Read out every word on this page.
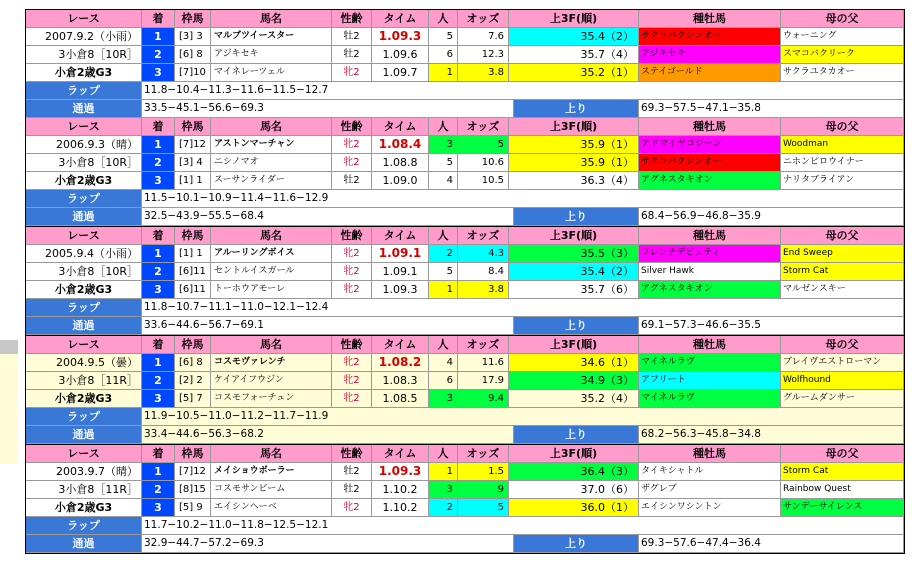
レース	着	枠馬	馬名	性齢	タイム	人	オッズ	上3F(順)	種牡馬	母の父
2007.9.2（小雨）	1	[3] 3	マルブツイースター	牡2	1.09.3	5	7.6	35.4（2） サクラバクシンオー	ウォーニング
3小倉8［10R］	2	[6] 8	アジキセキ	牡2	1.09.6	6	12.3	35.7（4） アジキセキ	スマコバクリーク
小倉2歳G3	3	[7]10 マイネレーツェル	牝2	1.09.7	1	3.8	35.2（1） ステイゴールド	サクラユタカオー
ラップ	11.8−10.4−11.3−11.6−11.5−12.7
通過	33.5−45.1−56.6−69.3	上り	69.3−57.5−47.1−35.8
レース	着	枠馬	馬名	性齢	タイム	人	オッズ	上3F(順)	種牡馬	母の父
2006.9.3（晴）	1	[7]12 アストンマーチャン	牝2	1.08.4	3	5	35.9（1） アドマイヤコジーン	Woodman
3小倉8［10R］	2	[3] 4	ニシノマオ	牝2	1.08.8	5	10.6	35.9（1） サクラバクシンオー	ニホンピロウイナー
小倉2歳G3	3	[1] 1	スーサンライダー	牡2	1.09.0	4	10.5	36.3（4） アグネスタキオン	ナリタブライアン
ラップ	11.5−10.1−10.9−11.4−11.6−12.9
通過	32.5−43.9−55.5−68.4	上り	68.4−56.9−46.8−35.9
レース	着	枠馬	馬名	性齢	タイム	人	オッズ	上3F(順)	種牡馬	母の父
2005.9.4（小雨）	1	[1] 1	アルーリングボイス	牝2	1.09.1	2	4.3	35.5（3） フレンチデピュティ	End Sweep
3小倉8［10R］	2	[6]11 セントルイスガール	牝2	1.09.1	5	8.4	35.4（2） Silver Hawk	Storm Cat
小倉2歳G3	3	[6]11 トーホウアモーレ	牝2	1.09.3	1	3.8	35.7（6） アグネスタキオン	マルゼンスキー
ラップ	11.8−10.7−11.1−11.0−12.1−12.4
通過	33.6−44.6−56.7−69.1	上り	69.1−57.3−46.6−35.5
レース	着	枠馬	馬名	性齢	タイム	人	オッズ	上3F(順)	種牡馬	母の父
2004.9.5（曇）	1	[6] 8	コスモヴァレンチ	牝2	1.08.2	4	11.6	34.6（1） マイネルラヴ	ブレイヴエストローマン
3小倉8［11R］	2	[2] 2	ケイアイフウジン	牝2	1.08.3	6	17.9	34.9（3） アフリート	Wolfhound
小倉2歳G3	3	[5] 7	コスモフォーチュン	牝2	1.08.5	3	9.4	35.2（4） マイネルラヴ	グルームダンサー
ラップ	11.9−10.5−11.0−11.2−11.7−11.9
通過	33.4−44.6−56.3−68.2	上り	68.2−56.3−45.8−34.8
レース	着	枠馬	馬名	性齢	タイム	人	オッズ	上3F(順)	種牡馬	母の父
2003.9.7（晴）	1	[7]12 メイショウボーラー	牡2	1.09.3	1	1.5	36.4（3） タイキシャトル	Storm Cat
3小倉8［11R］	2	[8]15 コスモサンビーム	牡2	1.10.2	3	9	37.0（6） ザグレブ	Rainbow Quest
小倉2歳G3	3	[5] 9	エイシンヘーベ	牝2	1.10.2	2	5	36.0（1） エイシンワシントン	サンデーサイレンス
ラップ	11.7−10.2−11.0−11.8−12.5−12.1
通過	32.9−44.7−57.2−69.3	上り	69.3−57.6−47.4−36.4
